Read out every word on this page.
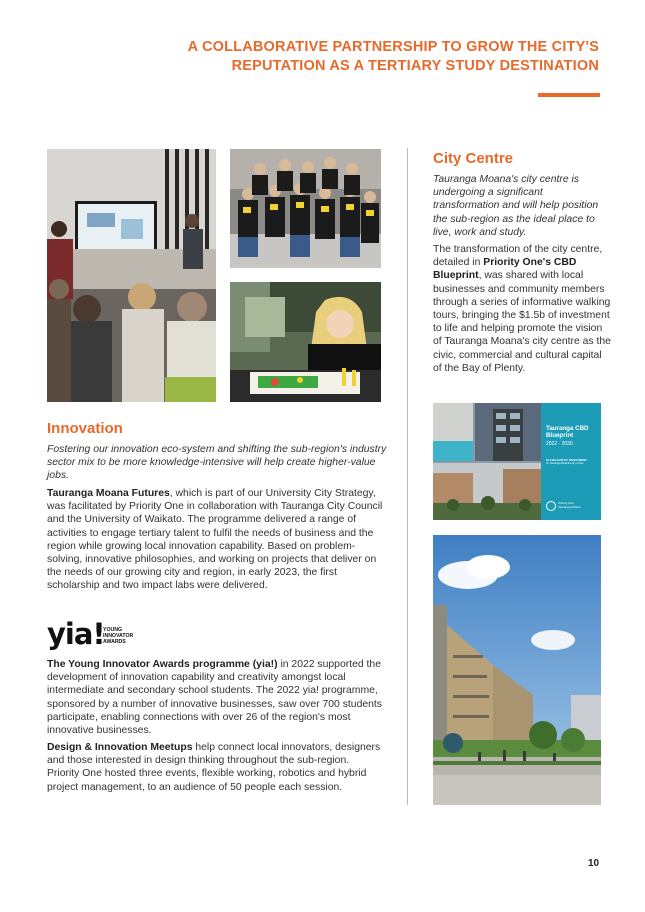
A COLLABORATIVE PARTNERSHIP TO GROW THE CITY'S
REPUTATION AS A TERTIARY STUDY DESTINATION
Innovation

Fostering our innovation eco-system and shifting the sub-region's industry sector mix to be more knowledge-intensive will help create higher-value jobs.

Tauranga Moana Futures, which is part of our University City Strategy, was facilitated by Priority One in collaboration with Tauranga City Council and the University of Waikato. The programme delivered a range of activities to engage tertiary talent to fulfil the needs of business and the region while growing local innovation capability. Based on problem-solving, innovative philosophies, and working on projects that deliver on the needs of our growing city and region, in early 2023, the first scholarship and two impact labs were delivered.

yia!
YOUNG
INNOVATOR
AWARDS

The Young Innovator Awards programme (yia!) in 2022 supported the development of innovation capability and creativity amongst local intermediate and secondary school students. The 2022 yia! programme, sponsored by a number of innovative businesses, saw over 700 students participate, enabling connections with over 26 of the region's most innovative businesses.

Design & Innovation Meetups help connect local innovators, designers and those interested in design thinking throughout the sub-region. Priority One hosted three events, flexible working, robotics and hybrid project management, to an audience of 50 people each session.

City Centre

Tauranga Moana's city centre is undergoing a significant transformation and will help position the sub-region as the ideal place to live, work and study.

The transformation of the city centre, detailed in Priority One's CBD Blueprint, was shared with local businesses and community members through a series of informative walking tours, bringing the $1.5b of investment to life and helping promote the vision of Tauranga Moana's city centre as the civic, commercial and cultural capital of the Bay of Plenty.

Tauranga CBD Blueprint
2022 - 2030
$1.5 BILLION OF INVESTMENT
for Tauranga Moana's city centre
Priority One
Tauranga Moana
10
